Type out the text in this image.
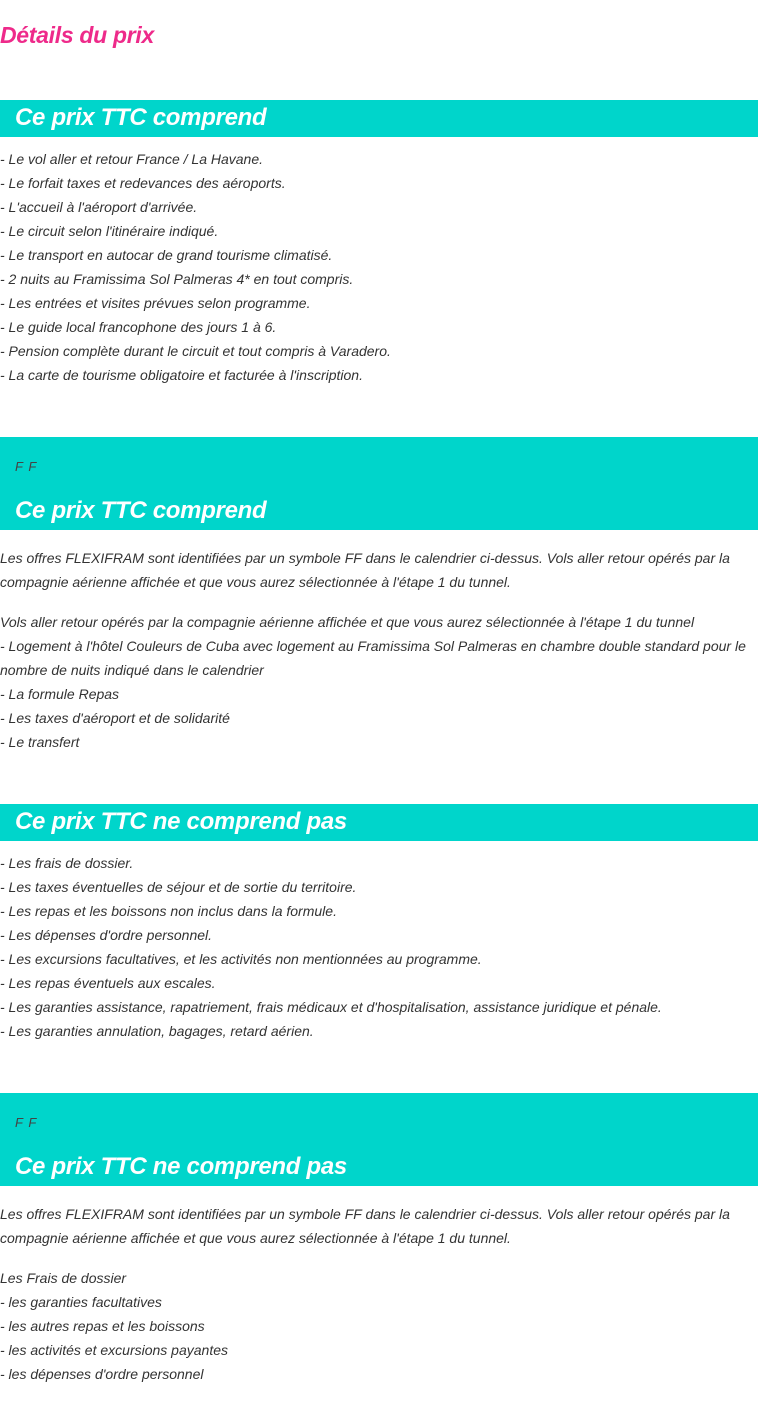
Détails du prix
Ce prix TTC comprend
- Le vol aller et retour France / La Havane.
- Le forfait taxes et redevances des aéroports.
- L'accueil à l'aéroport d'arrivée.
- Le circuit selon l'itinéraire indiqué.
- Le transport en autocar de grand tourisme climatisé.
- 2 nuits au Framissima Sol Palmeras 4* en tout compris.
- Les entrées et visites prévues selon programme.
- Le guide local francophone des jours 1 à 6.
- Pension complète durant le circuit et tout compris à Varadero.
- La carte de tourisme obligatoire et facturée à l'inscription.
F F
Ce prix TTC comprend

Les offres FLEXIFRAM sont identifiées par un symbole FF dans le calendrier ci-dessus. Vols aller retour opérés par la compagnie aérienne affichée et que vous aurez sélectionnée à l'étape 1 du tunnel.

Vols aller retour opérés par la compagnie aérienne affichée et que vous aurez sélectionnée à l'étape 1 du tunnel
- Logement à l'hôtel Couleurs de Cuba avec logement au Framissima Sol Palmeras en chambre double standard pour le nombre de nuits indiqué dans le calendrier
- La formule Repas
- Les taxes d'aéroport et de solidarité
- Le transfert
Ce prix TTC ne comprend pas
- Les frais de dossier.
- Les taxes éventuelles de séjour et de sortie du territoire.
- Les repas et les boissons non inclus dans la formule.
- Les dépenses d'ordre personnel.
- Les excursions facultatives, et les activités non mentionnées au programme.
- Les repas éventuels aux escales.
- Les garanties assistance, rapatriement, frais médicaux et d'hospitalisation, assistance juridique et pénale.
- Les garanties annulation, bagages, retard aérien.
F F
Ce prix TTC ne comprend pas

Les offres FLEXIFRAM sont identifiées par un symbole FF dans le calendrier ci-dessus. Vols aller retour opérés par la compagnie aérienne affichée et que vous aurez sélectionnée à l'étape 1 du tunnel.

Les Frais de dossier
- les garanties facultatives
- les autres repas et les boissons
- les activités et excursions payantes
- les dépenses d'ordre personnel
